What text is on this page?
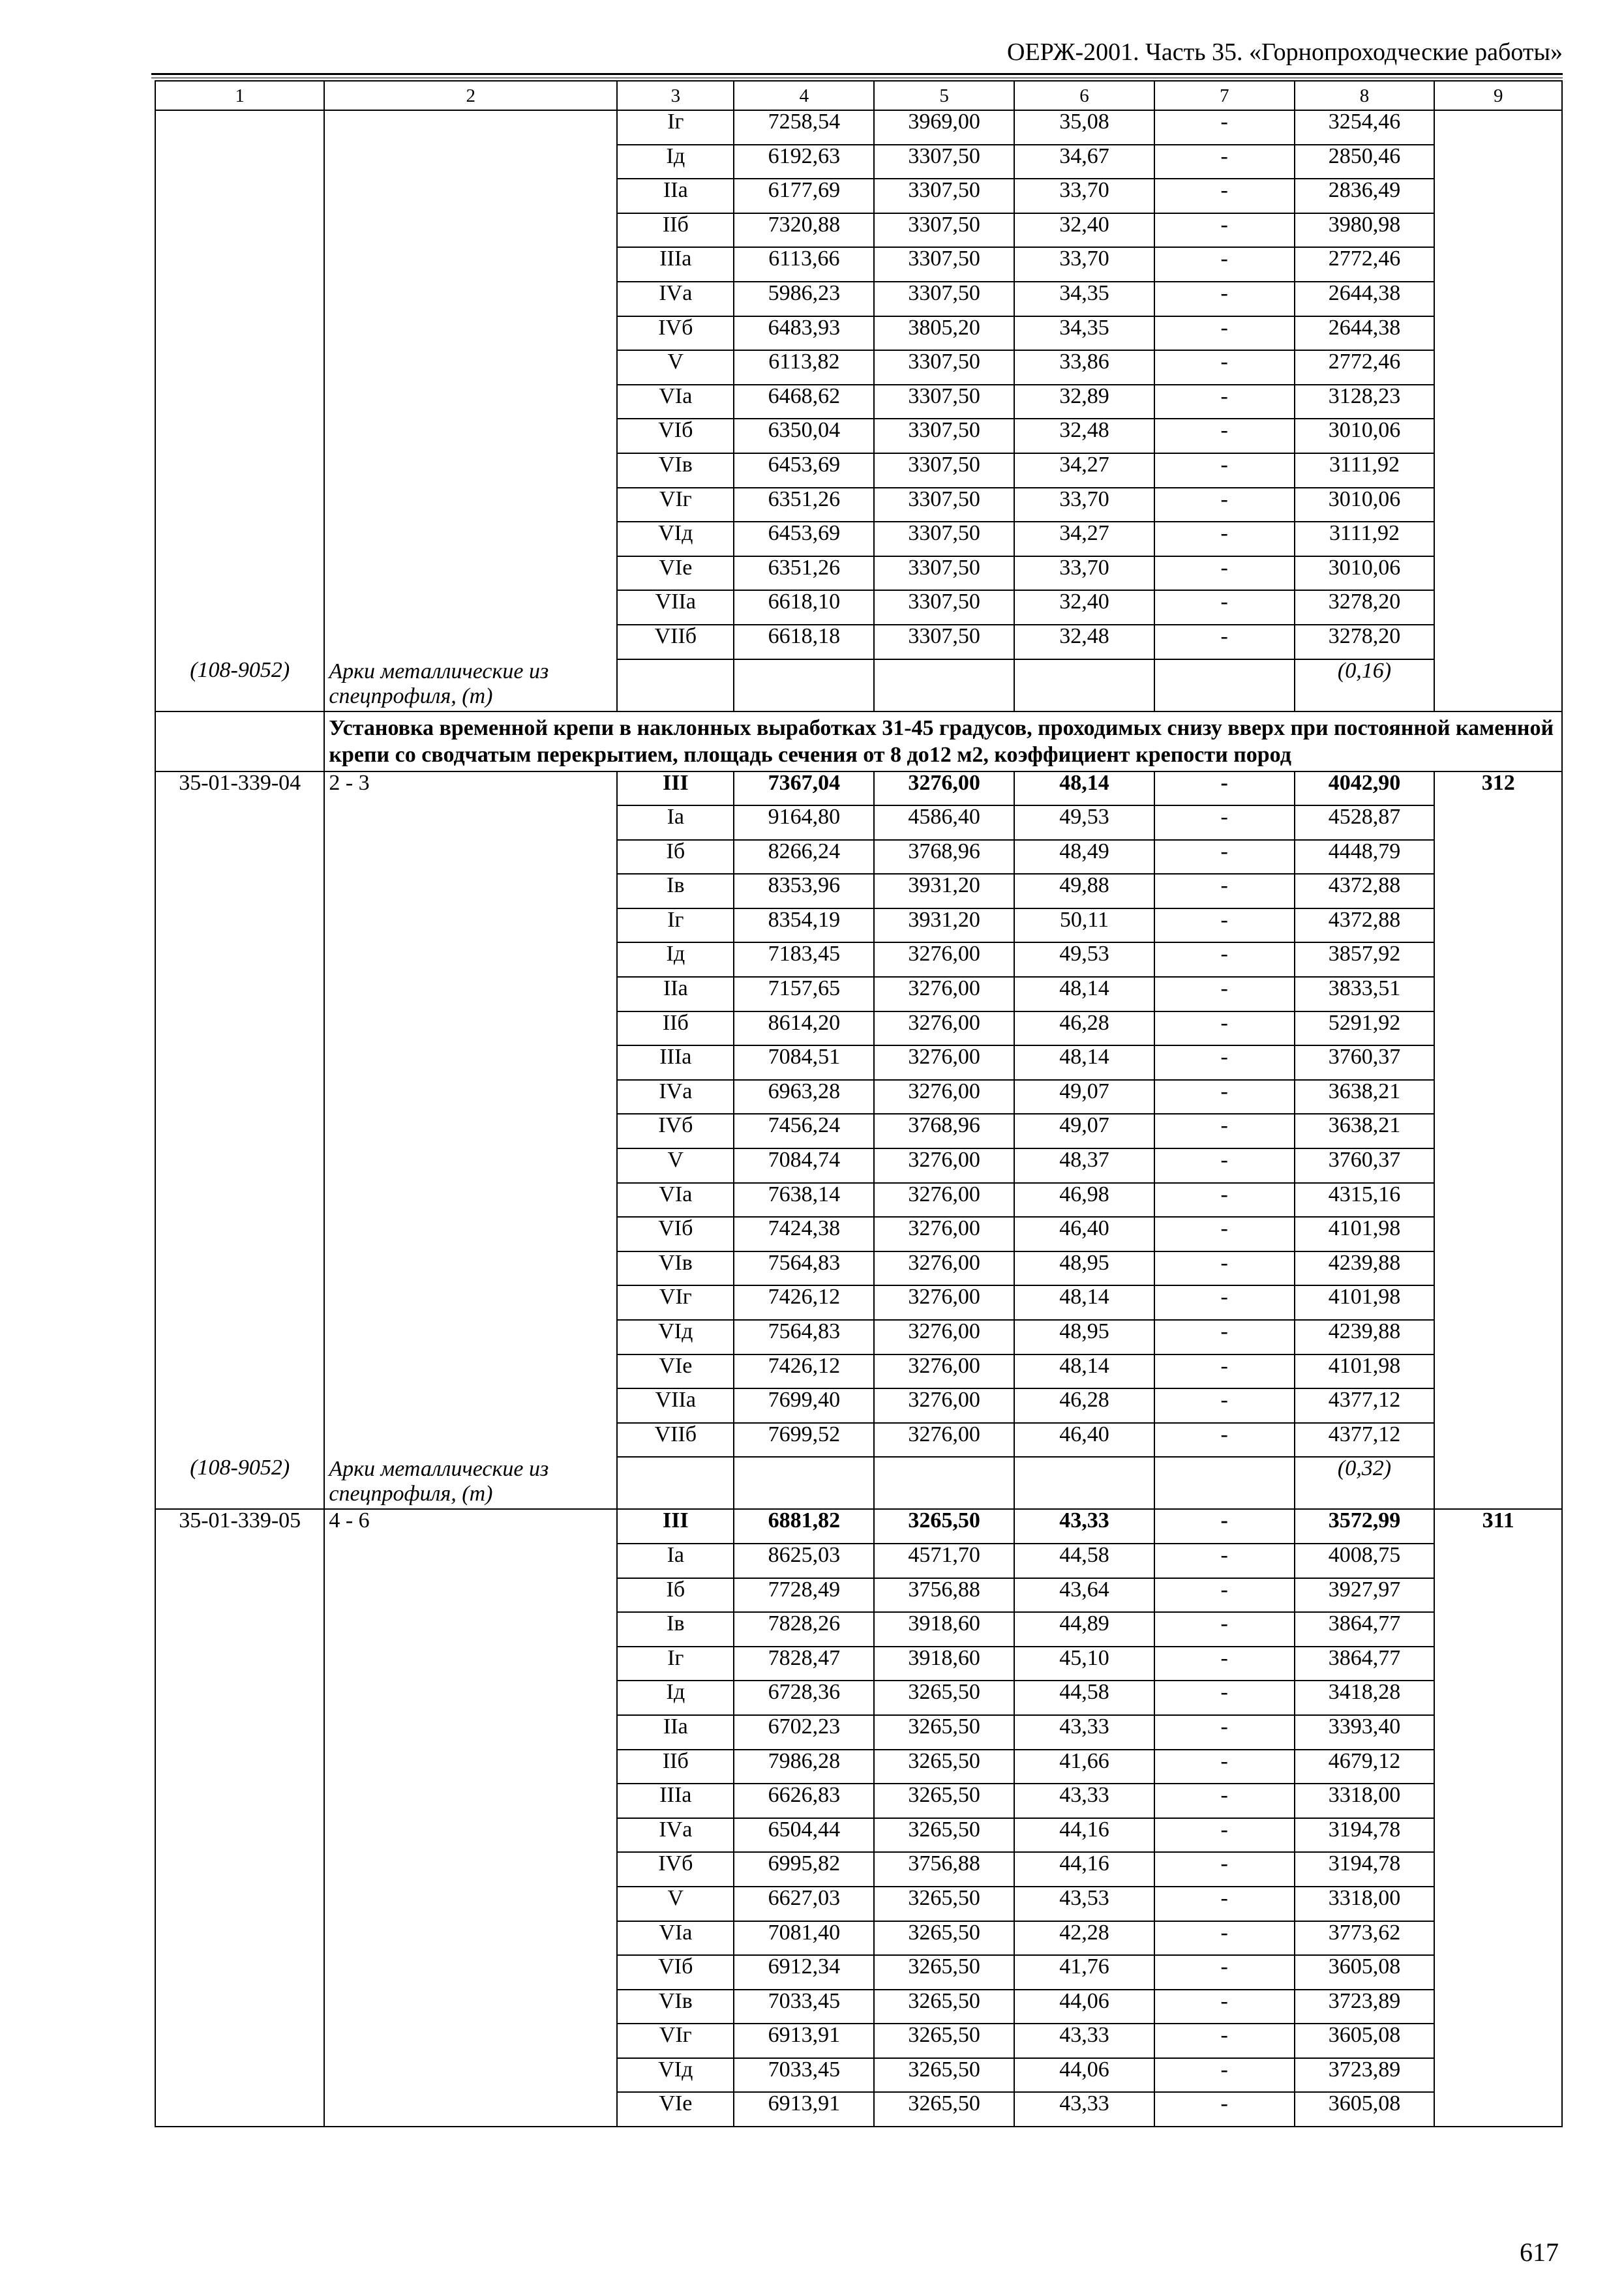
ОЕРЖ-2001. Часть 35. «Горнопроходческие работы»
1	2	3	4	5	6	7	8	9
		Iг	7258,54	3969,00	35,08	-	3254,46	
		Iд	6192,63	3307,50	34,67	-	2850,46	
		IIа	6177,69	3307,50	33,70	-	2836,49	
		IIб	7320,88	3307,50	32,40	-	3980,98	
		IIIа	6113,66	3307,50	33,70	-	2772,46	
		IVа	5986,23	3307,50	34,35	-	2644,38	
		IVб	6483,93	3805,20	34,35	-	2644,38	
		V	6113,82	3307,50	33,86	-	2772,46	
		VIа	6468,62	3307,50	32,89	-	3128,23	
		VIб	6350,04	3307,50	32,48	-	3010,06	
		VIв	6453,69	3307,50	34,27	-	3111,92	
		VIг	6351,26	3307,50	33,70	-	3010,06	
		VIд	6453,69	3307,50	34,27	-	3111,92	
		VIе	6351,26	3307,50	33,70	-	3010,06	
		VIIа	6618,10	3307,50	32,40	-	3278,20	
		VIIб	6618,18	3307,50	32,48	-	3278,20	
(108-9052)	Арки металлические из спецпрофиля, (т)						(0,16)	
	Установка временной крепи в наклонных выработках 31-45 градусов, проходимых снизу вверх при постоянной каменной крепи со сводчатым перекрытием, площадь сечения от 8 до12 м2, коэффициент крепости пород							
35-01-339-04	2 - 3	III	7367,04	3276,00	48,14	-	4042,90	312
		Iа	9164,80	4586,40	49,53	-	4528,87	
		Iб	8266,24	3768,96	48,49	-	4448,79	
		Iв	8353,96	3931,20	49,88	-	4372,88	
		Iг	8354,19	3931,20	50,11	-	4372,88	
		Iд	7183,45	3276,00	49,53	-	3857,92	
		IIа	7157,65	3276,00	48,14	-	3833,51	
		IIб	8614,20	3276,00	46,28	-	5291,92	
		IIIа	7084,51	3276,00	48,14	-	3760,37	
		IVа	6963,28	3276,00	49,07	-	3638,21	
		IVб	7456,24	3768,96	49,07	-	3638,21	
		V	7084,74	3276,00	48,37	-	3760,37	
		VIа	7638,14	3276,00	46,98	-	4315,16	
		VIб	7424,38	3276,00	46,40	-	4101,98	
		VIв	7564,83	3276,00	48,95	-	4239,88	
		VIг	7426,12	3276,00	48,14	-	4101,98	
		VIд	7564,83	3276,00	48,95	-	4239,88	
		VIе	7426,12	3276,00	48,14	-	4101,98	
		VIIа	7699,40	3276,00	46,28	-	4377,12	
		VIIб	7699,52	3276,00	46,40	-	4377,12	
(108-9052)	Арки металлические из спецпрофиля, (т)						(0,32)	
35-01-339-05	4 - 6	III	6881,82	3265,50	43,33	-	3572,99	311
		Iа	8625,03	4571,70	44,58	-	4008,75	
		Iб	7728,49	3756,88	43,64	-	3927,97	
		Iв	7828,26	3918,60	44,89	-	3864,77	
		Iг	7828,47	3918,60	45,10	-	3864,77	
		Iд	6728,36	3265,50	44,58	-	3418,28	
		IIа	6702,23	3265,50	43,33	-	3393,40	
		IIб	7986,28	3265,50	41,66	-	4679,12	
		IIIа	6626,83	3265,50	43,33	-	3318,00	
		IVа	6504,44	3265,50	44,16	-	3194,78	
		IVб	6995,82	3756,88	44,16	-	3194,78	
		V	6627,03	3265,50	43,53	-	3318,00	
		VIа	7081,40	3265,50	42,28	-	3773,62	
		VIб	6912,34	3265,50	41,76	-	3605,08	
		VIв	7033,45	3265,50	44,06	-	3723,89	
		VIг	6913,91	3265,50	43,33	-	3605,08	
		VIд	7033,45	3265,50	44,06	-	3723,89	
		VIе	6913,91	3265,50	43,33	-	3605,08	
617
